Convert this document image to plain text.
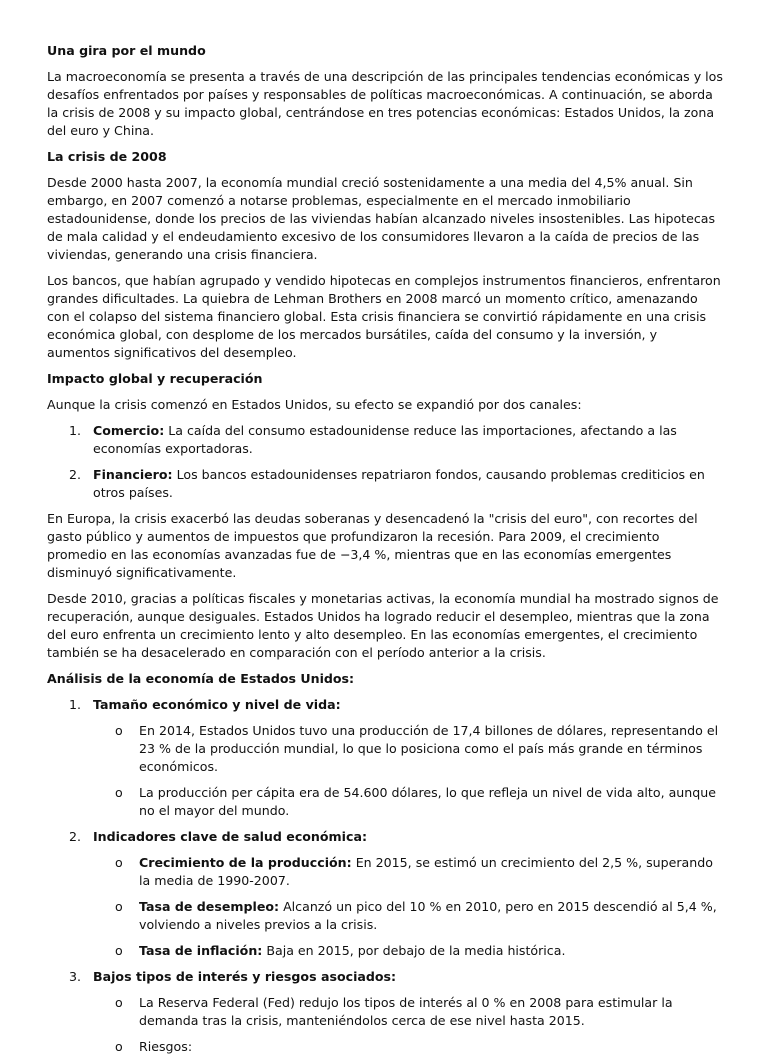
Una gira por el mundo

La macroeconomía se presenta a través de una descripción de las principales tendencias económicas y los desafíos enfrentados por países y responsables de políticas macroeconómicas. A continuación, se aborda la crisis de 2008 y su impacto global, centrándose en tres potencias económicas: Estados Unidos, la zona del euro y China.

La crisis de 2008

Desde 2000 hasta 2007, la economía mundial creció sostenidamente a una media del 4,5% anual. Sin embargo, en 2007 comenzó a notarse problemas, especialmente en el mercado inmobiliario estadounidense, donde los precios de las viviendas habían alcanzado niveles insostenibles. Las hipotecas de mala calidad y el endeudamiento excesivo de los consumidores llevaron a la caída de precios de las viviendas, generando una crisis financiera.

Los bancos, que habían agrupado y vendido hipotecas en complejos instrumentos financieros, enfrentaron grandes dificultades. La quiebra de Lehman Brothers en 2008 marcó un momento crítico, amenazando con el colapso del sistema financiero global. Esta crisis financiera se convirtió rápidamente en una crisis económica global, con desplome de los mercados bursátiles, caída del consumo y la inversión, y aumentos significativos del desempleo.

Impacto global y recuperación

Aunque la crisis comenzó en Estados Unidos, su efecto se expandió por dos canales:

1. Comercio: La caída del consumo estadounidense reduce las importaciones, afectando a las economías exportadoras.
2. Financiero: Los bancos estadounidenses repatriaron fondos, causando problemas crediticios en otros países.

En Europa, la crisis exacerbó las deudas soberanas y desencadenó la "crisis del euro", con recortes del gasto público y aumentos de impuestos que profundizaron la recesión. Para 2009, el crecimiento promedio en las economías avanzadas fue de −3,4 %, mientras que en las economías emergentes disminuyó significativamente.

Desde 2010, gracias a políticas fiscales y monetarias activas, la economía mundial ha mostrado signos de recuperación, aunque desiguales. Estados Unidos ha logrado reducir el desempleo, mientras que la zona del euro enfrenta un crecimiento lento y alto desempleo. En las economías emergentes, el crecimiento también se ha desacelerado en comparación con el período anterior a la crisis.

Análisis de la economía de Estados Unidos:

1. Tamaño económico y nivel de vida:
o En 2014, Estados Unidos tuvo una producción de 17,4 billones de dólares, representando el 23 % de la producción mundial, lo que lo posiciona como el país más grande en términos económicos.
o La producción per cápita era de 54.600 dólares, lo que refleja un nivel de vida alto, aunque no el mayor del mundo.
2. Indicadores clave de salud económica:
o Crecimiento de la producción: En 2015, se estimó un crecimiento del 2,5 %, superando la media de 1990-2007.
o Tasa de desempleo: Alcanzó un pico del 10 % en 2010, pero en 2015 descendió al 5,4 %, volviendo a niveles previos a la crisis.
o Tasa de inflación: Baja en 2015, por debajo de la media histórica.
3. Bajos tipos de interés y riesgos asociados:
o La Reserva Federal (Fed) redujo los tipos de interés al 0 % en 2008 para estimular la demanda tras la crisis, manteniéndolos cerca de ese nivel hasta 2015.
o Riesgos:
